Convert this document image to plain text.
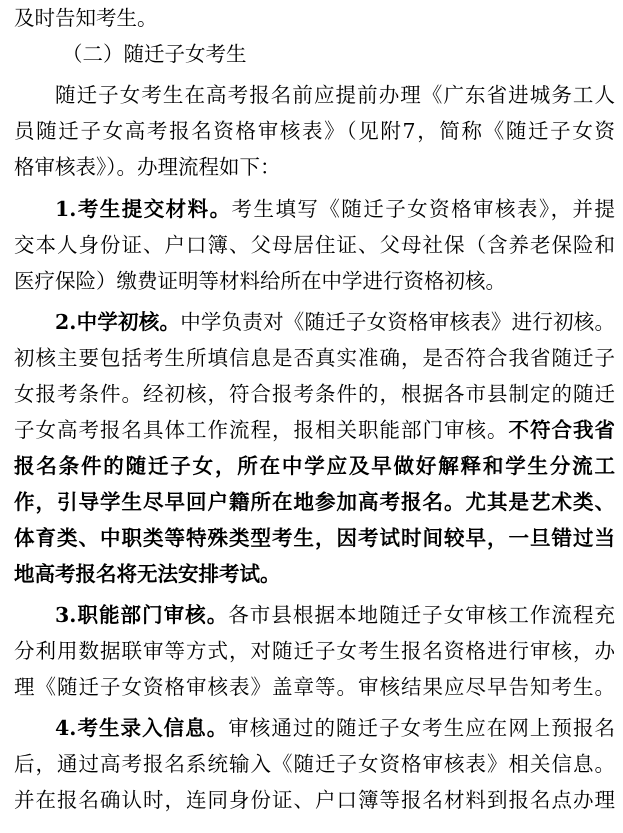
及时告知考生。
（二）随迁子女考生
随迁子女考生在高考报名前应提前办理《广东省进城务工人
员随迁子女高考报名资格审核表》（见附7，简称《随迁子女资
格审核表》）。办理流程如下：
1.考生提交材料。考生填写《随迁子女资格审核表》，并提
交本人身份证、户口簿、父母居住证、父母社保（含养老保险和
医疗保险）缴费证明等材料给所在中学进行资格初核。
2.中学初核。中学负责对《随迁子女资格审核表》进行初核。
初核主要包括考生所填信息是否真实准确，是否符合我省随迁子
女报考条件。经初核，符合报考条件的，根据各市县制定的随迁
子女高考报名具体工作流程，报相关职能部门审核。不符合我省
报名条件的随迁子女，所在中学应及早做好解释和学生分流工
作，引导学生尽早回户籍所在地参加高考报名。尤其是艺术类、
体育类、中职类等特殊类型考生，因考试时间较早，一旦错过当
地高考报名将无法安排考试。
3.职能部门审核。各市县根据本地随迁子女审核工作流程充
分利用数据联审等方式，对随迁子女考生报名资格进行审核，办
理《随迁子女资格审核表》盖章等。审核结果应尽早告知考生。
4.考生录入信息。审核通过的随迁子女考生应在网上预报名
后，通过高考报名系统输入《随迁子女资格审核表》相关信息。
并在报名确认时，连同身份证、户口簿等报名材料到报名点办理
